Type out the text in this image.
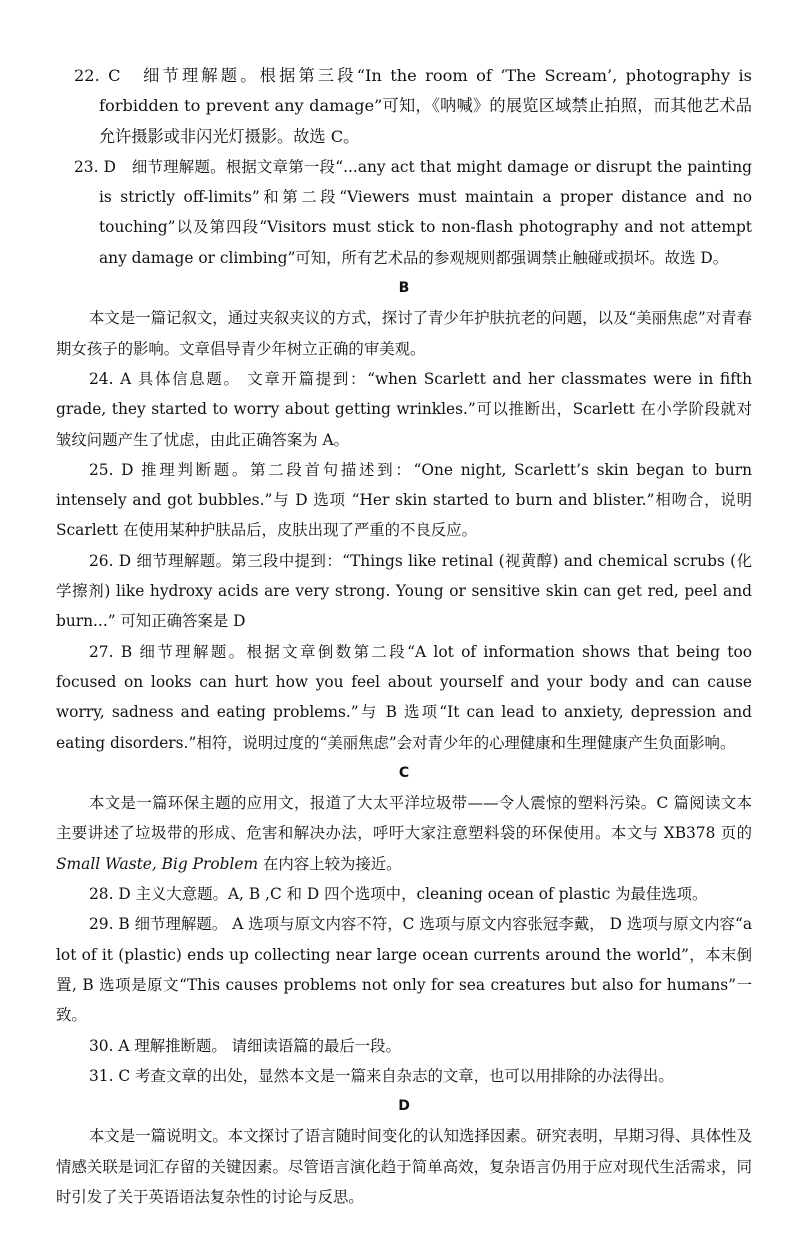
22. C　细节理解题。根据第三段“In the room of ‘The Scream’, photography is forbidden to prevent any damage”可知，《呐喊》的展览区域禁止拍照，而其他艺术品允许摄影或非闪光灯摄影。故选 C。

23. D　细节理解题。根据文章第一段“...any act that might damage or disrupt the painting is strictly off-limits”和第二段“Viewers must maintain a proper distance and no touching”以及第四段“Visitors must stick to non-flash photography and not attempt any damage or climbing”可知，所有艺术品的参观规则都强调禁止触碰或损坏。故选 D。

B

本文是一篇记叙文，通过夹叙夹议的方式，探讨了青少年护肤抗老的问题，以及“美丽焦虑”对青春期女孩子的影响。文章倡导青少年树立正确的审美观。

24. A 具体信息题。 文章开篇提到：“when Scarlett and her classmates were in fifth grade, they started to worry about getting wrinkles.”可以推断出，Scarlett 在小学阶段就对皱纹问题产生了忧虑，由此正确答案为 A。

25. D 推理判断题。第二段首句描述到：“One night, Scarlett’s skin began to burn intensely and got bubbles.”与 D 选项 “Her skin started to burn and blister.”相吻合，说明 Scarlett 在使用某种护肤品后，皮肤出现了严重的不良反应。

26. D 细节理解题。第三段中提到：“Things like retinal (视黄醇) and chemical scrubs (化学擦剂) like hydroxy acids are very strong. Young or sensitive skin can get red, peel and burn...” 可知正确答案是 D

27. B 细节理解题。根据文章倒数第二段“A lot of information shows that being too focused on looks can hurt how you feel about yourself and your body and can cause worry, sadness and eating problems.”与 B 选项“It can lead to anxiety, depression and eating disorders.”相符，说明过度的“美丽焦虑”会对青少年的心理健康和生理健康产生负面影响。

C

本文是一篇环保主题的应用文，报道了大太平洋垃圾带——令人震惊的塑料污染。C 篇阅读文本主要讲述了垃圾带的形成、危害和解决办法，呼吁大家注意塑料袋的环保使用。本文与 XB378 页的 Small Waste, Big Problem 在内容上较为接近。

28. D 主义大意题。A, B ,C 和 D 四个选项中，cleaning ocean of plastic 为最佳选项。

29. B 细节理解题。 A 选项与原文内容不符，C 选项与原文内容张冠李戴， D 选项与原文内容“a lot of it (plastic) ends up collecting near large ocean currents around the world”，本末倒置, B 选项是原文“This causes problems not only for sea creatures but also for humans”一致。

30. A 理解推断题。 请细读语篇的最后一段。

31. C 考查文章的出处，显然本文是一篇来自杂志的文章，也可以用排除的办法得出。

D

本文是一篇说明文。本文探讨了语言随时间变化的认知选择因素。研究表明，早期习得、具体性及情感关联是词汇存留的关键因素。尽管语言演化趋于简单高效，复杂语言仍用于应对现代生活需求，同时引发了关于英语语法复杂性的讨论与反思。
